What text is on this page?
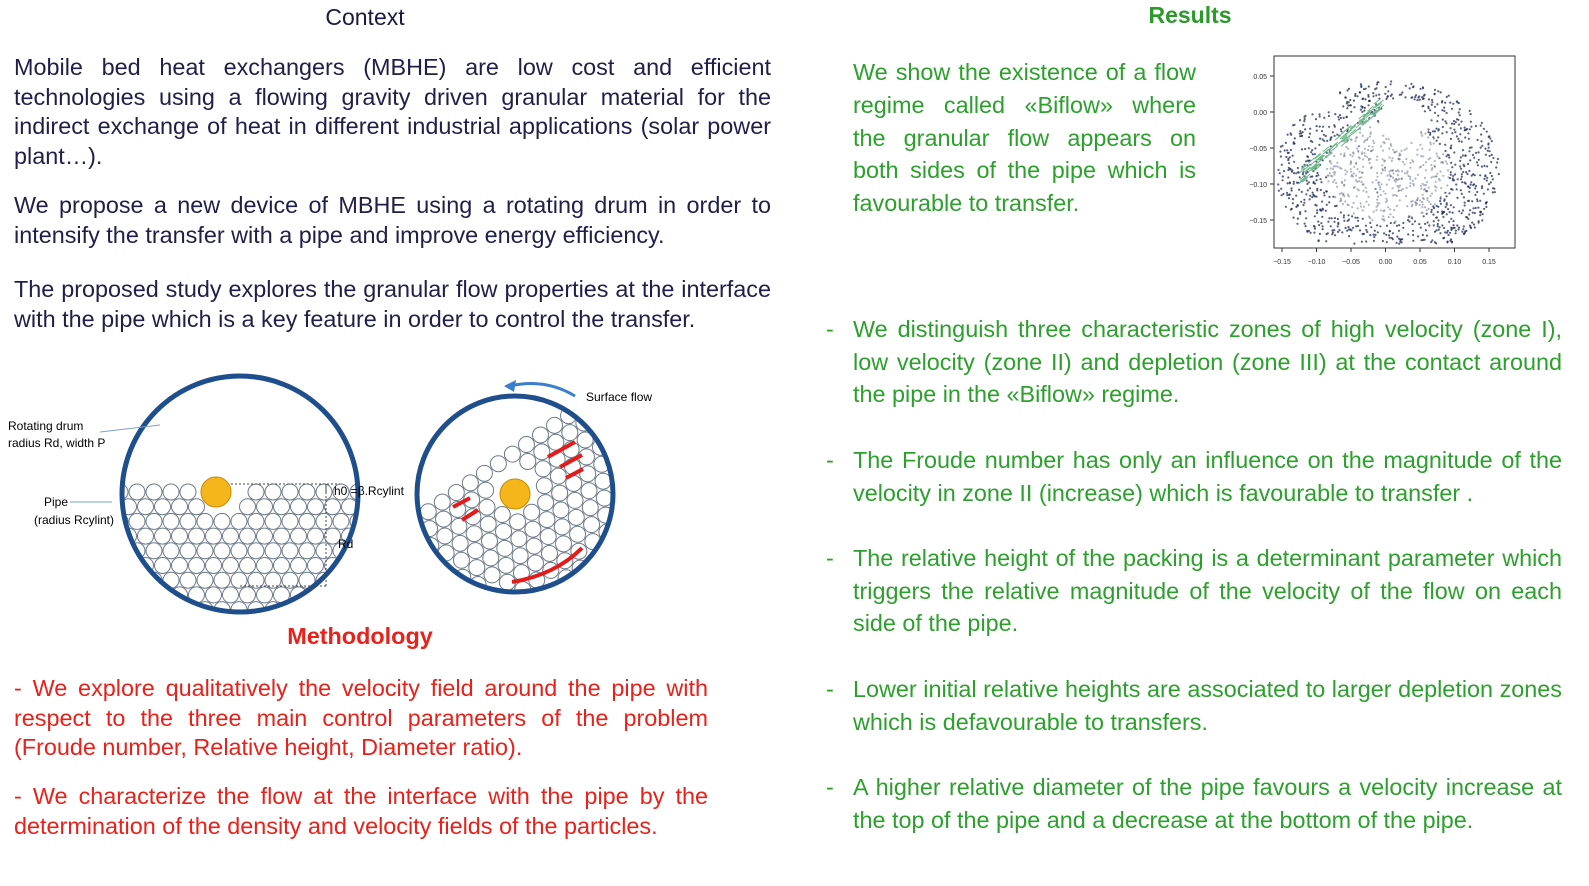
Context
Mobile bed heat exchangers (MBHE) are low cost and efficient technologies using a flowing gravity driven granular material for the indirect exchange of heat in different industrial applications (solar power plant…).
We propose a new device of MBHE using a rotating drum in order to intensify the transfer with a pipe and improve energy efficiency.
The proposed study explores the granular flow properties at the interface with the pipe which is a key feature in order to control the transfer.
Rotating drum
radius Rd, width P
Pipe
(radius Rcylint)
h0 =β.Rcylint
Rd
Surface flow
Methodology
- We explore qualitatively the velocity field around the pipe with respect to the three main control parameters of the problem (Froude number, Relative height, Diameter ratio).
- We characterize the flow at the interface with the pipe by the determination of the density and velocity fields of the particles.
Results
We show the existence of a flow regime called «Biflow» where the granular flow appears on both sides of the pipe which is favourable to transfer.
−0.15 −0.10 −0.05	0.00	0.05	0.10	0.15
0.05
0.00
−0.05
−0.10
−0.15
- We distinguish three characteristic zones of high velocity (zone I), low velocity (zone II) and depletion (zone III) at the contact around the pipe in the «Biflow» regime.
- The Froude number has only an influence on the magnitude of the velocity in zone II (increase) which is favourable to transfer .
- The relative height of the packing is a determinant parameter which triggers the relative magnitude of the velocity of the flow on each side of the pipe.
- Lower initial relative heights are associated to larger depletion zones which is defavourable to transfers.
- A higher relative diameter of the pipe favours a velocity increase at the top of the pipe and a decrease at the bottom of the pipe.
